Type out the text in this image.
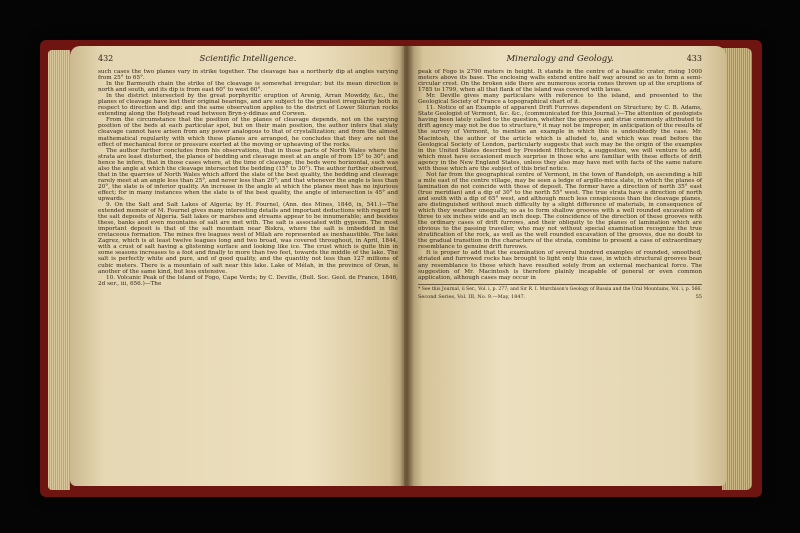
432	Scientific Intelligence.

such cases the two planes vary in strike together. The cleavage has a northerly dip at angles varying from 25° to 65°.

In the Barmouth chain the strike of the cleavage is somewhat irregular; but its mean direction is north and south, and its dip is from east 60° to west 60°.

In the district intersected by the great porphyritic eruption of Arenig, Arran Mowddy, &c., the planes of cleavage have lost their original bearings, and are subject to the greatest irregularity both in respect to direction and dip; and the same observation applies to the district of Lower Silurian rocks extending along the Holyhead road between Bryn-y-ddinas and Corwen.

From the circumstance that the position of the planes of cleavage depends, not on the varying position of the beds at each particular spot, but on their main position, the author infers that slaty cleavage cannot have arisen from any power analogous to that of crystallization; and from the almost mathematical regularity with which these planes are arranged, he concludes that they are not the effect of mechanical force or pressure exerted at the moving or upheaving of the rocks.

The author further concludes from his observations, that in those parts of North Wales where the strata are least disturbed, the planes of bedding and cleavage meet at an angle of from 15° to 30°; and hence he infers, that in those cases where, at the time of cleavage, the beds were horizontal, such was also the angle at which the cleavage intersected the bedding (15° to 30°). The author further observed, that in the quarries of North Wales which afford the slate of the best quality, the bedding and cleavage rarely meet at an angle less than 25°, and never less than 20°; and that whenever the angle is less than 20°, the slate is of inferior quality. An increase in the angle at which the planes meet has no injurious effect; for in many instances when the slate is of the best quality, the angle of intersection is 45° and upwards.

9. On the Salt and Salt Lakes of Algeria; by H. Fournel, (Ann. des Mines, 1846, ix, 541.)—The extended memoir of M. Fournel gives many interesting details and important deductions with regard to the salt deposits of Algeria. Salt lakes or marshes and streams appear to be innumerable; and besides these, banks and even mountains of salt are met with. The salt is associated with gypsum. The most important deposit is that of the salt mountain near Biskra, where the salt is imbedded in the cretaceous formation. The mines five leagues west of Milah are represented as inexhaustible. The lake Zagrez, which is at least twelve leagues long and two broad, was covered throughout, in April, 1844, with a crust of salt having a glistening surface and looking like ice. The crust which is quite thin in some seasons increases to a foot and finally to more than two feet, towards the middle of the lake. The salt is perfectly white and pure, and of good quality, and the quantity not less than 127 millions of cubic meters. There is a mountain of salt near this lake. Lake of Mélah, in the province of Oran, is another of the same kind, but less extensive.

10. Volcanic Peak of the Island of Fogo, Cape Verds; by C. Deville, (Bull. Soc. Geol. de France, 1846, 2d ser., iii, 656.)—The

Mineralogy and Geology.	433

peak of Fogo is 2790 meters in height. It stands in the centre of a basaltic crater, rising 1000 meters above its base. The enclosing walls extend entire half way around so as to form a semi-circular crest. On the broken side there are numerous scoria cones thrown up at the eruptions of 1785 to 1799, when all that flank of the island was covered with lavas.

Mr. Deville gives many particulars with reference to the island, and presented to the Geological Society of France a topographical chart of it.

11. Notice of an Example of apparent Drift Furrows dependent on Structure; by C. B. Adams, State Geologist of Vermont, &c. &c., (communicated for this Journal.)—The attention of geologists having been lately called to the question, whether the grooves and striæ commonly attributed to drift agency may not be due to structure,* it may not be improper, in anticipation of the results of the survey of Vermont, to mention an example in which this is undoubtedly the case. Mr. Macintosh, the author of the article which is alluded to, and which was read before the Geological Society of London, particularly suggests that such may be the origin of the examples in the United States described by President Hitchcock, a suggestion, we will venture to add, which must have occasioned much surprise in those who are familiar with these effects of drift agency in the New England States, unless they also may have met with facts of the same nature with those which are the subject of this brief notice.

Not far from the geographical centre of Vermont, in the town of Randolph, on ascending a hill a mile east of the centre village, may be seen a ledge of argillo-mica slate, in which the planes of lamination do not coincide with those of deposit. The former have a direction of north 35° east (true meridian) and a dip of 30° to the north 55° west. The true strata have a direction of north and south with a dip of 65° west, and although much less conspicuous than the cleavage planes, are distinguished without much difficulty by a slight difference of materials, in consequence of which they weather unequally, so as to form shallow grooves with a well rounded excavation of three to six inches wide and an inch deep. The coincidence of the direction of these grooves with the ordinary cases of drift furrows, and their obliquity to the planes of lamination which are obvious to the passing traveller, who may not without special examination recognize the true stratification of the rock, as well as the well rounded excavation of the grooves, due no doubt to the gradual transition in the characters of the strata, combine to present a case of extraordinary resemblance to genuine drift furrows.

It is proper to add that the examination of several hundred examples of rounded, smoothed, striated and furrowed rocks has brought to light only this case, in which structural grooves bear any resemblance to those which have resulted solely from an external mechanical force. The suggestion of Mr. Macintosh is therefore plainly incapable of general or even common application, although cases may occur in

* See this Journal, ii Ser., Vol. i, p. 277; and Sir R. I. Murchison's Geology of Russia and the Ural Mountains, Vol. i, p. 566.
Second Series, Vol. III, No. 9.—May, 1847.	55
